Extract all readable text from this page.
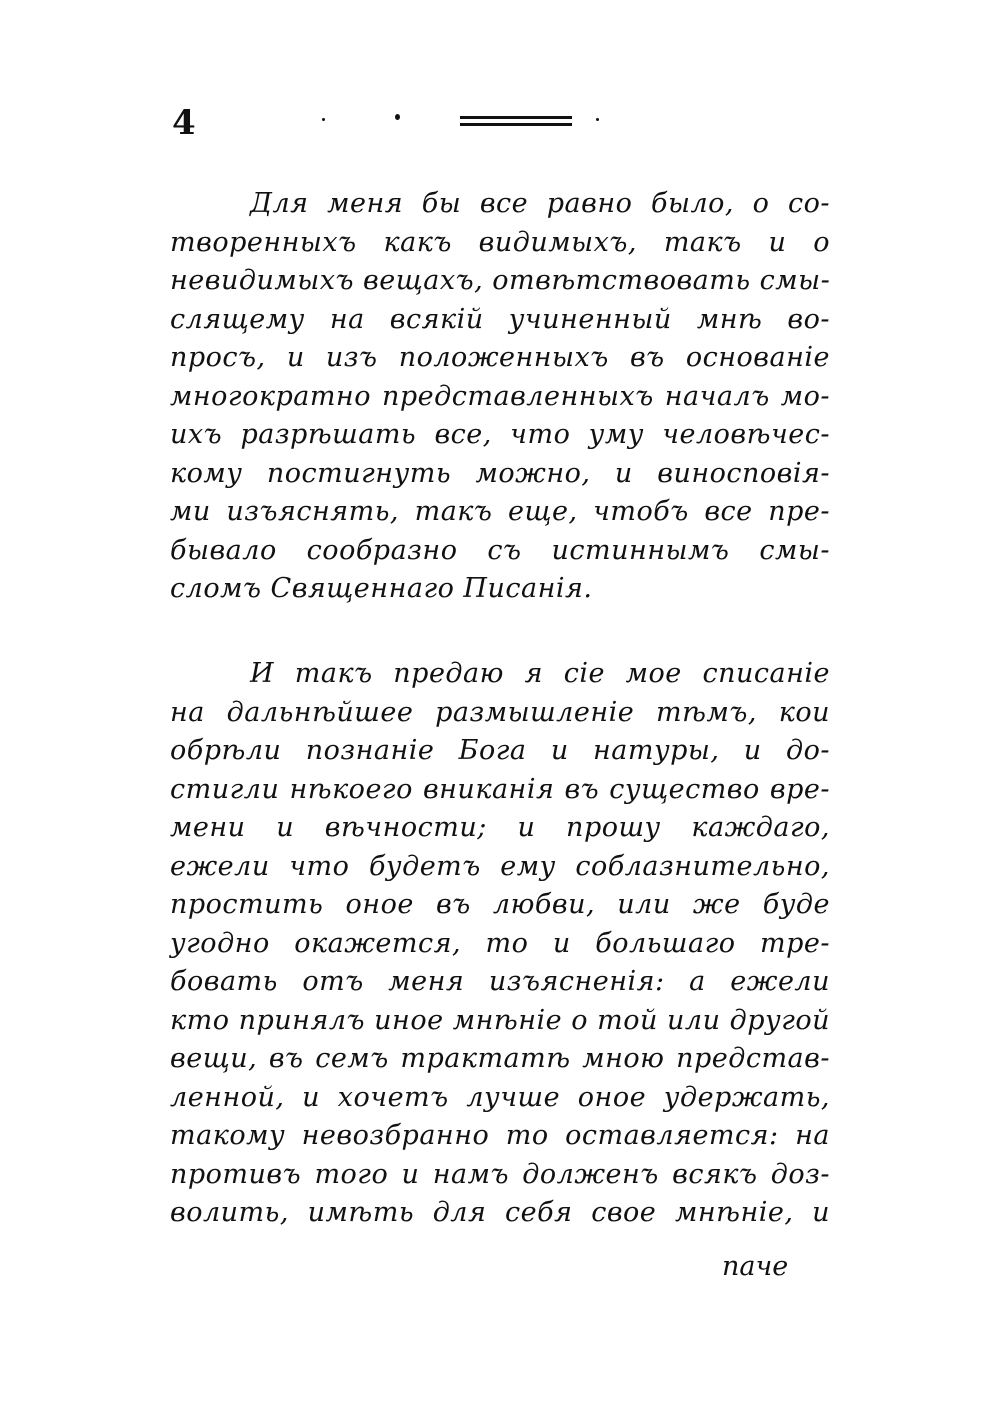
4
Для меня бы все равно было, о со-
творенныхъ какъ видимыхъ, такъ и о
невидимыхъ вещахъ, отвѣтствовать смы-
слящему на всякій учиненный мнѣ во-
просъ, и изъ положенныхъ въ основаніе
многократно представленныхъ началъ мо-
ихъ разрѣшать все, что уму человѣчес-
кому постигнуть можно, и виносповія-
ми изъяснять, такъ еще, чтобъ все пре-
бывало сообразно съ истиннымъ смы-
сломъ Священнаго Писанія.
И такъ предаю я сіе мое списаніе
на дальнѣйшее размышленіе тѣмъ, кои
обрѣли познаніе Бога и натуры, и до-
стигли нѣкоего вниканія въ существо вре-
мени и вѣчности; и прошу каждаго,
ежели что будетъ ему соблазнительно,
простить оное въ любви, или же буде
угодно окажется, то и большаго тре-
бовать отъ меня изъясненія: а ежели
кто принялъ иное мнѣніе о той или другой
вещи, въ семъ трактатѣ мною представ-
ленной, и хочетъ лучше оное удержать,
такому невозбранно то оставляется: на
противъ того и намъ долженъ всякъ доз-
волить, имѣть для себя свое мнѣніе, и
паче
